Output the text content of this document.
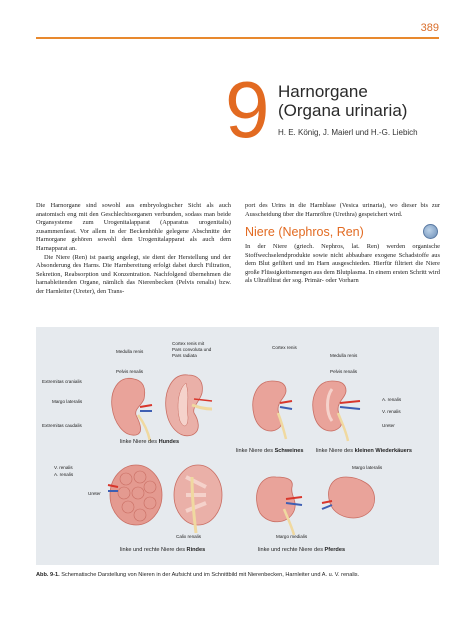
389
9 Harnorgane
(Organa urinaria)
H. E. König, J. Maierl und H.-G. Liebich

Die Harnorgane sind sowohl aus embryologischer Sicht als auch anatomisch eng mit den Geschlechtsorganen verbunden, sodass man beide Organsysteme zum Urogenitalapparat (Apparatus urogenitalis) zusammenfasst. Vor allem in der Beckenhöhle gelegene Abschnitte der Harnorgane gehören sowohl dem Urogenitalapparat als auch dem Harnapparat an.

Die Niere (Ren) ist paarig angelegt, sie dient der Herstellung und der Absonderung des Harns. Die Harnbereitung erfolgt dabei durch Filtration, Sekretion, Reabsorption und Konzentration. Nachfolgend übernehmen die harnableitenden Organe, nämlich das Nierenbecken (Pelvis renalis) bzw. der Harnleiter (Ureter), den Trans-

port des Urins in die Harnblase (Vesica urinaria), wo dieser bis zur Ausscheidung über die Harnröhre (Urethra) gespeichert wird.

Niere (Nephros, Ren)

In der Niere (griech. Nephros, lat. Ren) werden organische Stoffwechselendprodukte sowie nicht abbaubare exogene Schadstoffe aus dem Blut gefiltert und im Harn ausgeschieden. Hierfür filtriert die Niere große Flüssigkeitsmengen aus dem Blutplasma. In einem ersten Schritt wird als Ultrafiltrat der sog. Primär- oder Vorharn

Medulla renis
Pelvis renalis
Cortex renis mit
Pars convoluta und
Pars radiata
Cortex renis
Medulla renis
Pelvis renalis
Extremitas cranialis
Margo lateralis
Extremitas caudalis
A. renalis
V. renalis
Ureter
linke Niere des Hundes
linke Niere des Schweines linke Niere des kleinen Wiederkäuers
V. renalis
A. renalis
Ureter
Margo lateralis
Calix renalis	Margo medialis
linke und rechte Niere des Rindes	linke und rechte Niere des Pferdes
Abb. 9-1. Schematische Darstellung von Nieren in der Aufsicht und im Schnittbild mit Nierenbecken, Harnleiter und A. u. V. renalis.
